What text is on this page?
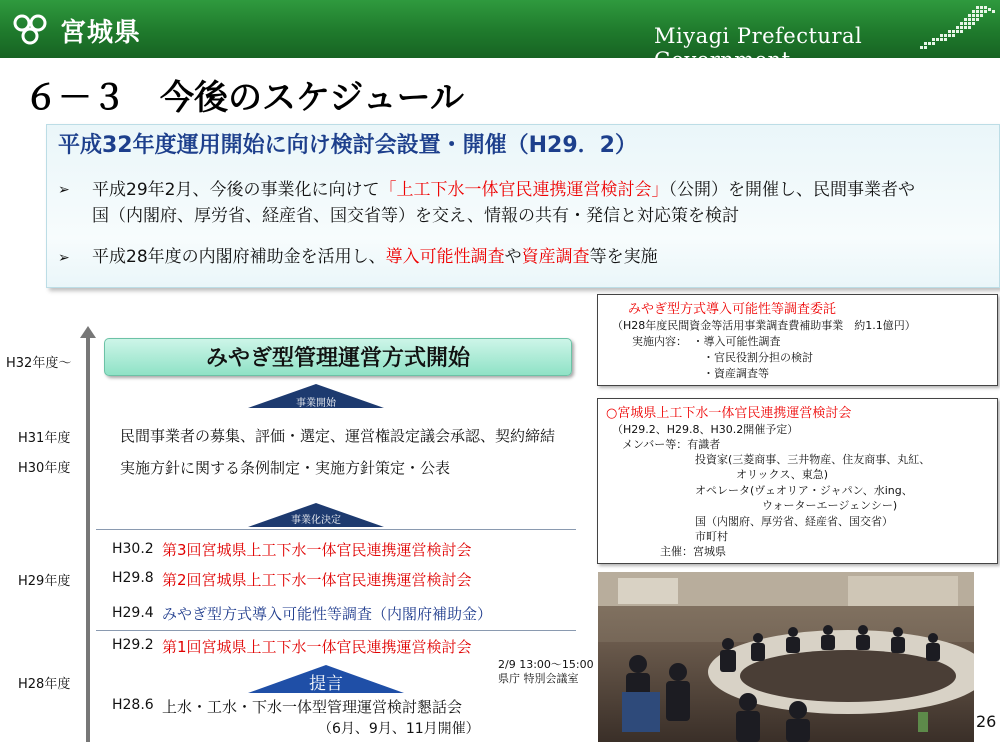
宮城県	Miyagi Prefectural Government
６－３　今後のスケジュール
平成32年度運用開始に向け検討会設置・開催（H29．2）
➢ 平成29年2月、今後の事業化に向けて「上工下水一体官民連携運営検討会」（公開）を開催し、民間事業者や
国（内閣府、厚労省、経産省、国交省等）を交え、情報の共有・発信と対応策を検討
➢ 平成28年度の内閣府補助金を活用し、導入可能性調査や資産調査等を実施
H32年度～
H31年度
H30年度
H29年度
H28年度
みやぎ型管理運営方式開始
事業開始
民間事業者の募集、評価・選定、運営権設定議会承認、契約締結
実施方針に関する条例制定・実施方針策定・公表
事業化決定
H30.2 第3回宮城県上工下水一体官民連携運営検討会
H29.8 第2回宮城県上工下水一体官民連携運営検討会
H29.4 みやぎ型方式導入可能性等調査（内閣府補助金）
H29.2 第1回宮城県上工下水一体官民連携運営検討会
提言
2/9 13:00～15:00
県庁 特別会議室
H28.6 上水・工水・下水一体型管理運営検討懇話会
（6月、9月、11月開催）
みやぎ型方式導入可能性等調査委託
（H28年度民間資金等活用事業調査費補助事業　約1.1億円）
実施内容：　・導入可能性調査
・官民役割分担の検討
・資産調査等
○宮城県上工下水一体官民連携運営検討会
（H29.2、H29.8、H30.2開催予定）
メンバー等：有識者
投資家(三菱商事、三井物産、住友商事、丸紅、
オリックス、東急)
オペレータ(ヴェオリア・ジャパン、水ing、
ウォーターエージェンシー)
国（内閣府、厚労省、経産省、国交省）
市町村
主催：宮城県
26
